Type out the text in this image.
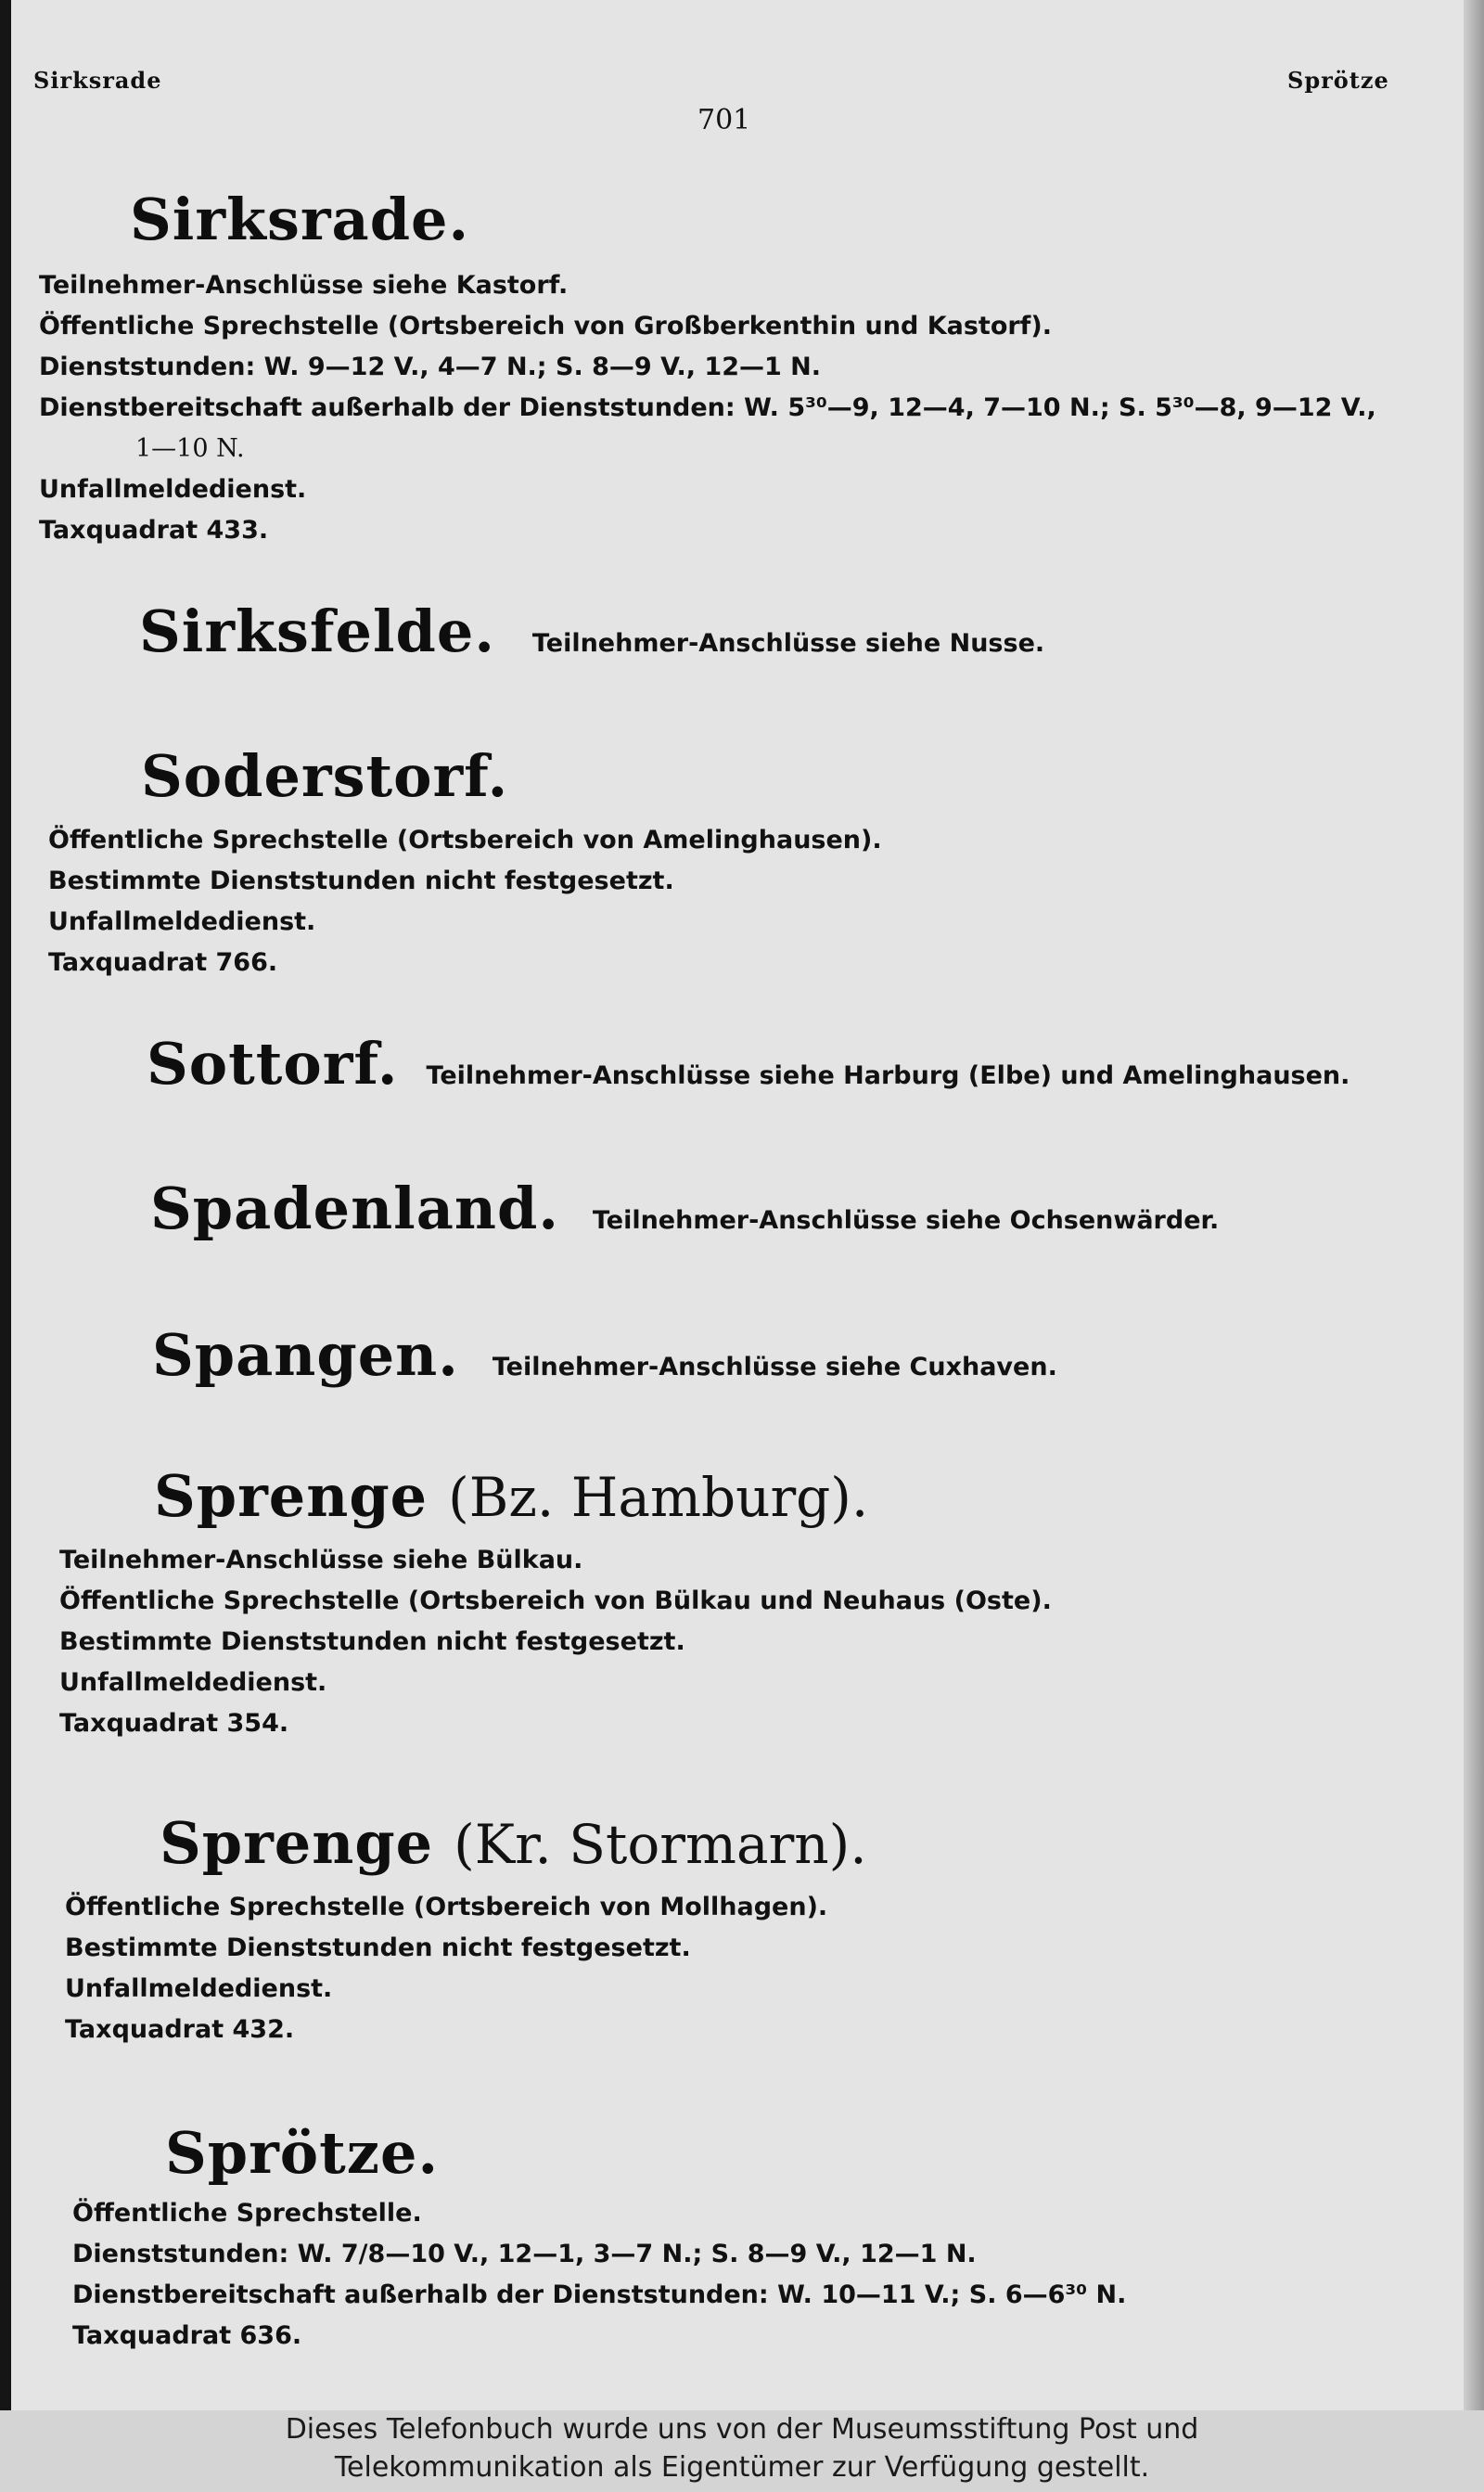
Sirksrade	Sprötze
701
Sirksrade.
Teilnehmer-Anschlüsse siehe Kastorf.
Öffentliche Sprechstelle (Ortsbereich von Großberkenthin und Kastorf).
Dienststunden: W. 9—12 V., 4—7 N.; S. 8—9 V., 12—1 N.
Dienstbereitschaft außerhalb der Dienststunden: W. 5³⁰—9, 12—4, 7—10 N.; S. 5³⁰—8, 9—12 V.,
1—10 N.
Unfallmeldedienst.
Taxquadrat 433.
Sirksfelde. Teilnehmer-Anschlüsse siehe Nusse.
Soderstorf.
Öffentliche Sprechstelle (Ortsbereich von Amelinghausen).
Bestimmte Dienststunden nicht festgesetzt.
Unfallmeldedienst.
Taxquadrat 766.
Sottorf. Teilnehmer-Anschlüsse siehe Harburg (Elbe) und Amelinghausen.
Spadenland. Teilnehmer-Anschlüsse siehe Ochsenwärder.
Spangen. Teilnehmer-Anschlüsse siehe Cuxhaven.
Sprenge (Bz. Hamburg).
Teilnehmer-Anschlüsse siehe Bülkau.
Öffentliche Sprechstelle (Ortsbereich von Bülkau und Neuhaus (Oste).
Bestimmte Dienststunden nicht festgesetzt.
Unfallmeldedienst.
Taxquadrat 354.
Sprenge (Kr. Stormarn).
Öffentliche Sprechstelle (Ortsbereich von Mollhagen).
Bestimmte Dienststunden nicht festgesetzt.
Unfallmeldedienst.
Taxquadrat 432.
Sprötze.
Öffentliche Sprechstelle.
Dienststunden: W. 7/8—10 V., 12—1, 3—7 N.; S. 8—9 V., 12—1 N.
Dienstbereitschaft außerhalb der Dienststunden: W. 10—11 V.; S. 6—6³⁰ N.
Taxquadrat 636.
Dieses Telefonbuch wurde uns von der Museumsstiftung Post und
Telekommunikation als Eigentümer zur Verfügung gestellt.
